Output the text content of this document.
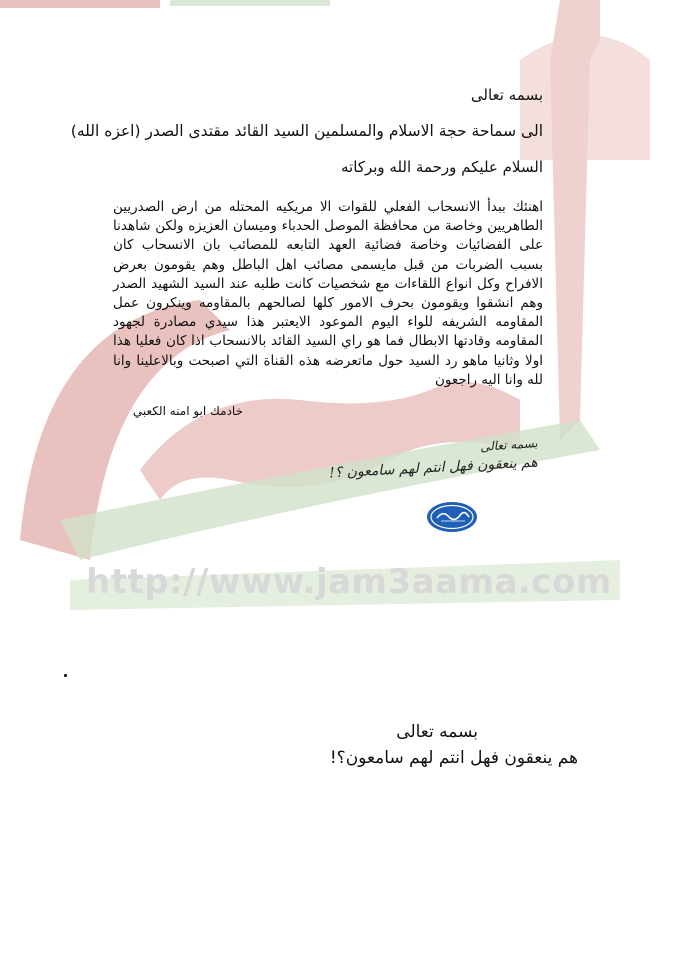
http://www.jam3aama.com
بسمه تعالى
الى سماحة حجة الاسلام والمسلمين السيد القائد مقتدى الصدر (اعزه الله)
السلام عليكم ورحمة الله وبركاته

اهنئك ببدأ الانسحاب الفعلي للقوات الا مريكيه المحتله من ارض الصدريين الطاهريين وخاصة من محافظة الموصل الحدباء وميسان العزيزه ولكن شاهدنا على الفضائيات وخاصة فضائية العهد التابعه للمصائب بان الانسحاب كان بسبب الضربات من قبل مايسمى مصائب اهل الباطل وهم يقومون بعرض الافراح وكل انواع اللقاءات مع شخصيات كانت طلبه عند السيد الشهيد الصدر وهم انشقوا ويقومون بحرف الامور كلها لصالحهم بالمقاومه وينكرون عمل المقاومه الشريفه للواء اليوم الموعود الايعتبر هذا سيدي مصادرة لجهود المقاومه وقادتها الابطال فما هو راي السيد القائد بالانسحاب اذا كان فعليا هذا اولا وثانيا ماهو رد السيد حول ماتعرضه هذه القناة التي اصبحت وبالاعلينا وانا لله وانا اليه راجعون

خادمك ابو امنه الكعبي
بسمه تعالى
هم ينعقون فهل انتم لهم سامعون ؟!
بسمه تعالى
هم ينعقون فهل انتم لهم سامعون؟!
